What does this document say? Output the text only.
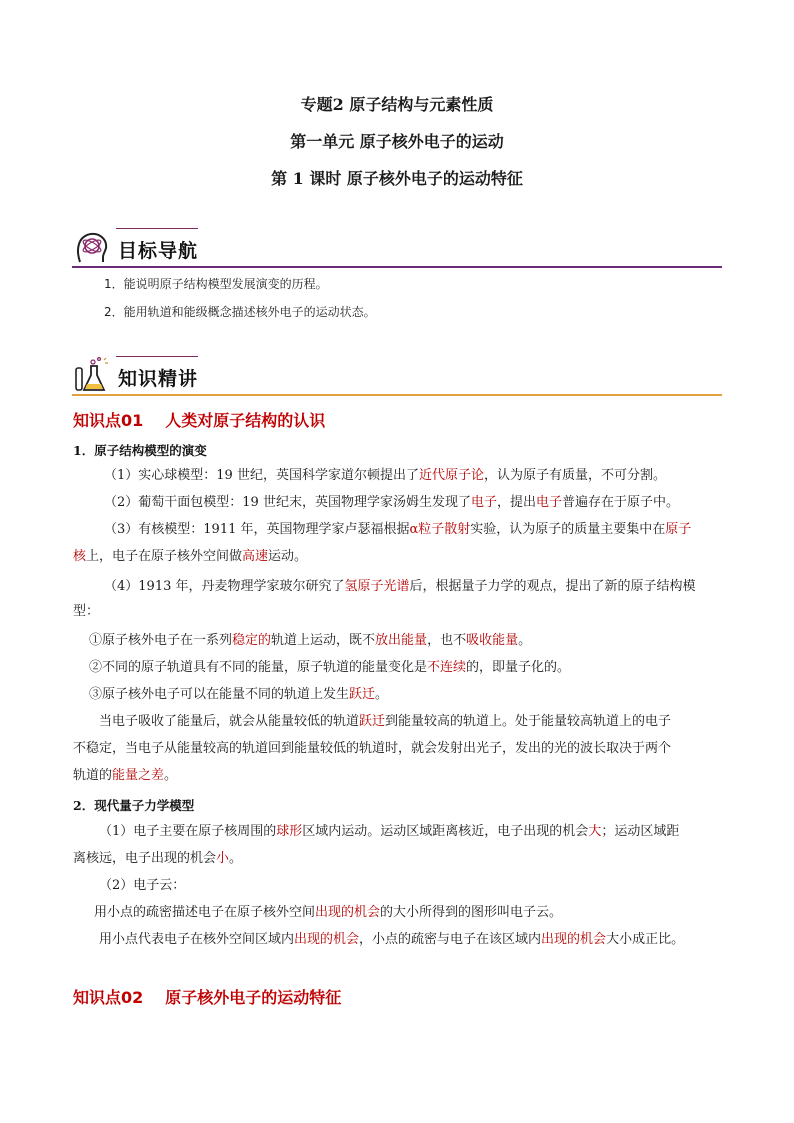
专题2 原子结构与元素性质
第一单元 原子核外电子的运动
第 1 课时 原子核外电子的运动特征
目标导航
1．能说明原子结构模型发展演变的历程。
2．能用轨道和能级概念描述核外电子的运动状态。
知识精讲
知识点01 人类对原子结构的认识
1．原子结构模型的演变
（1）实心球模型：19 世纪，英国科学家道尔顿提出了近代原子论，认为原子有质量，不可分割。
（2）葡萄干面包模型：19 世纪末，英国物理学家汤姆生发现了电子，提出电子普遍存在于原子中。
（3）有核模型：1911 年，英国物理学家卢瑟福根据α粒子散射实验，认为原子的质量主要集中在原子
核上，电子在原子核外空间做高速运动。
（4）1913 年，丹麦物理学家玻尔研究了氢原子光谱后，根据量子力学的观点，提出了新的原子结构模
型：
①原子核外电子在一系列稳定的轨道上运动，既不放出能量，也不吸收能量。
②不同的原子轨道具有不同的能量，原子轨道的能量变化是不连续的，即量子化的。
③原子核外电子可以在能量不同的轨道上发生跃迁。
当电子吸收了能量后，就会从能量较低的轨道跃迁到能量较高的轨道上。处于能量较高轨道上的电子
不稳定，当电子从能量较高的轨道回到能量较低的轨道时，就会发射出光子，发出的光的波长取决于两个
轨道的能量之差。
2．现代量子力学模型
（1）电子主要在原子核周围的球形区域内运动。运动区域距离核近，电子出现的机会大；运动区域距
离核远，电子出现的机会小。
（2）电子云：
用小点的疏密描述电子在原子核外空间出现的机会的大小所得到的图形叫电子云。
用小点代表电子在核外空间区域内出现的机会，小点的疏密与电子在该区域内出现的机会大小成正比。
知识点02 原子核外电子的运动特征
